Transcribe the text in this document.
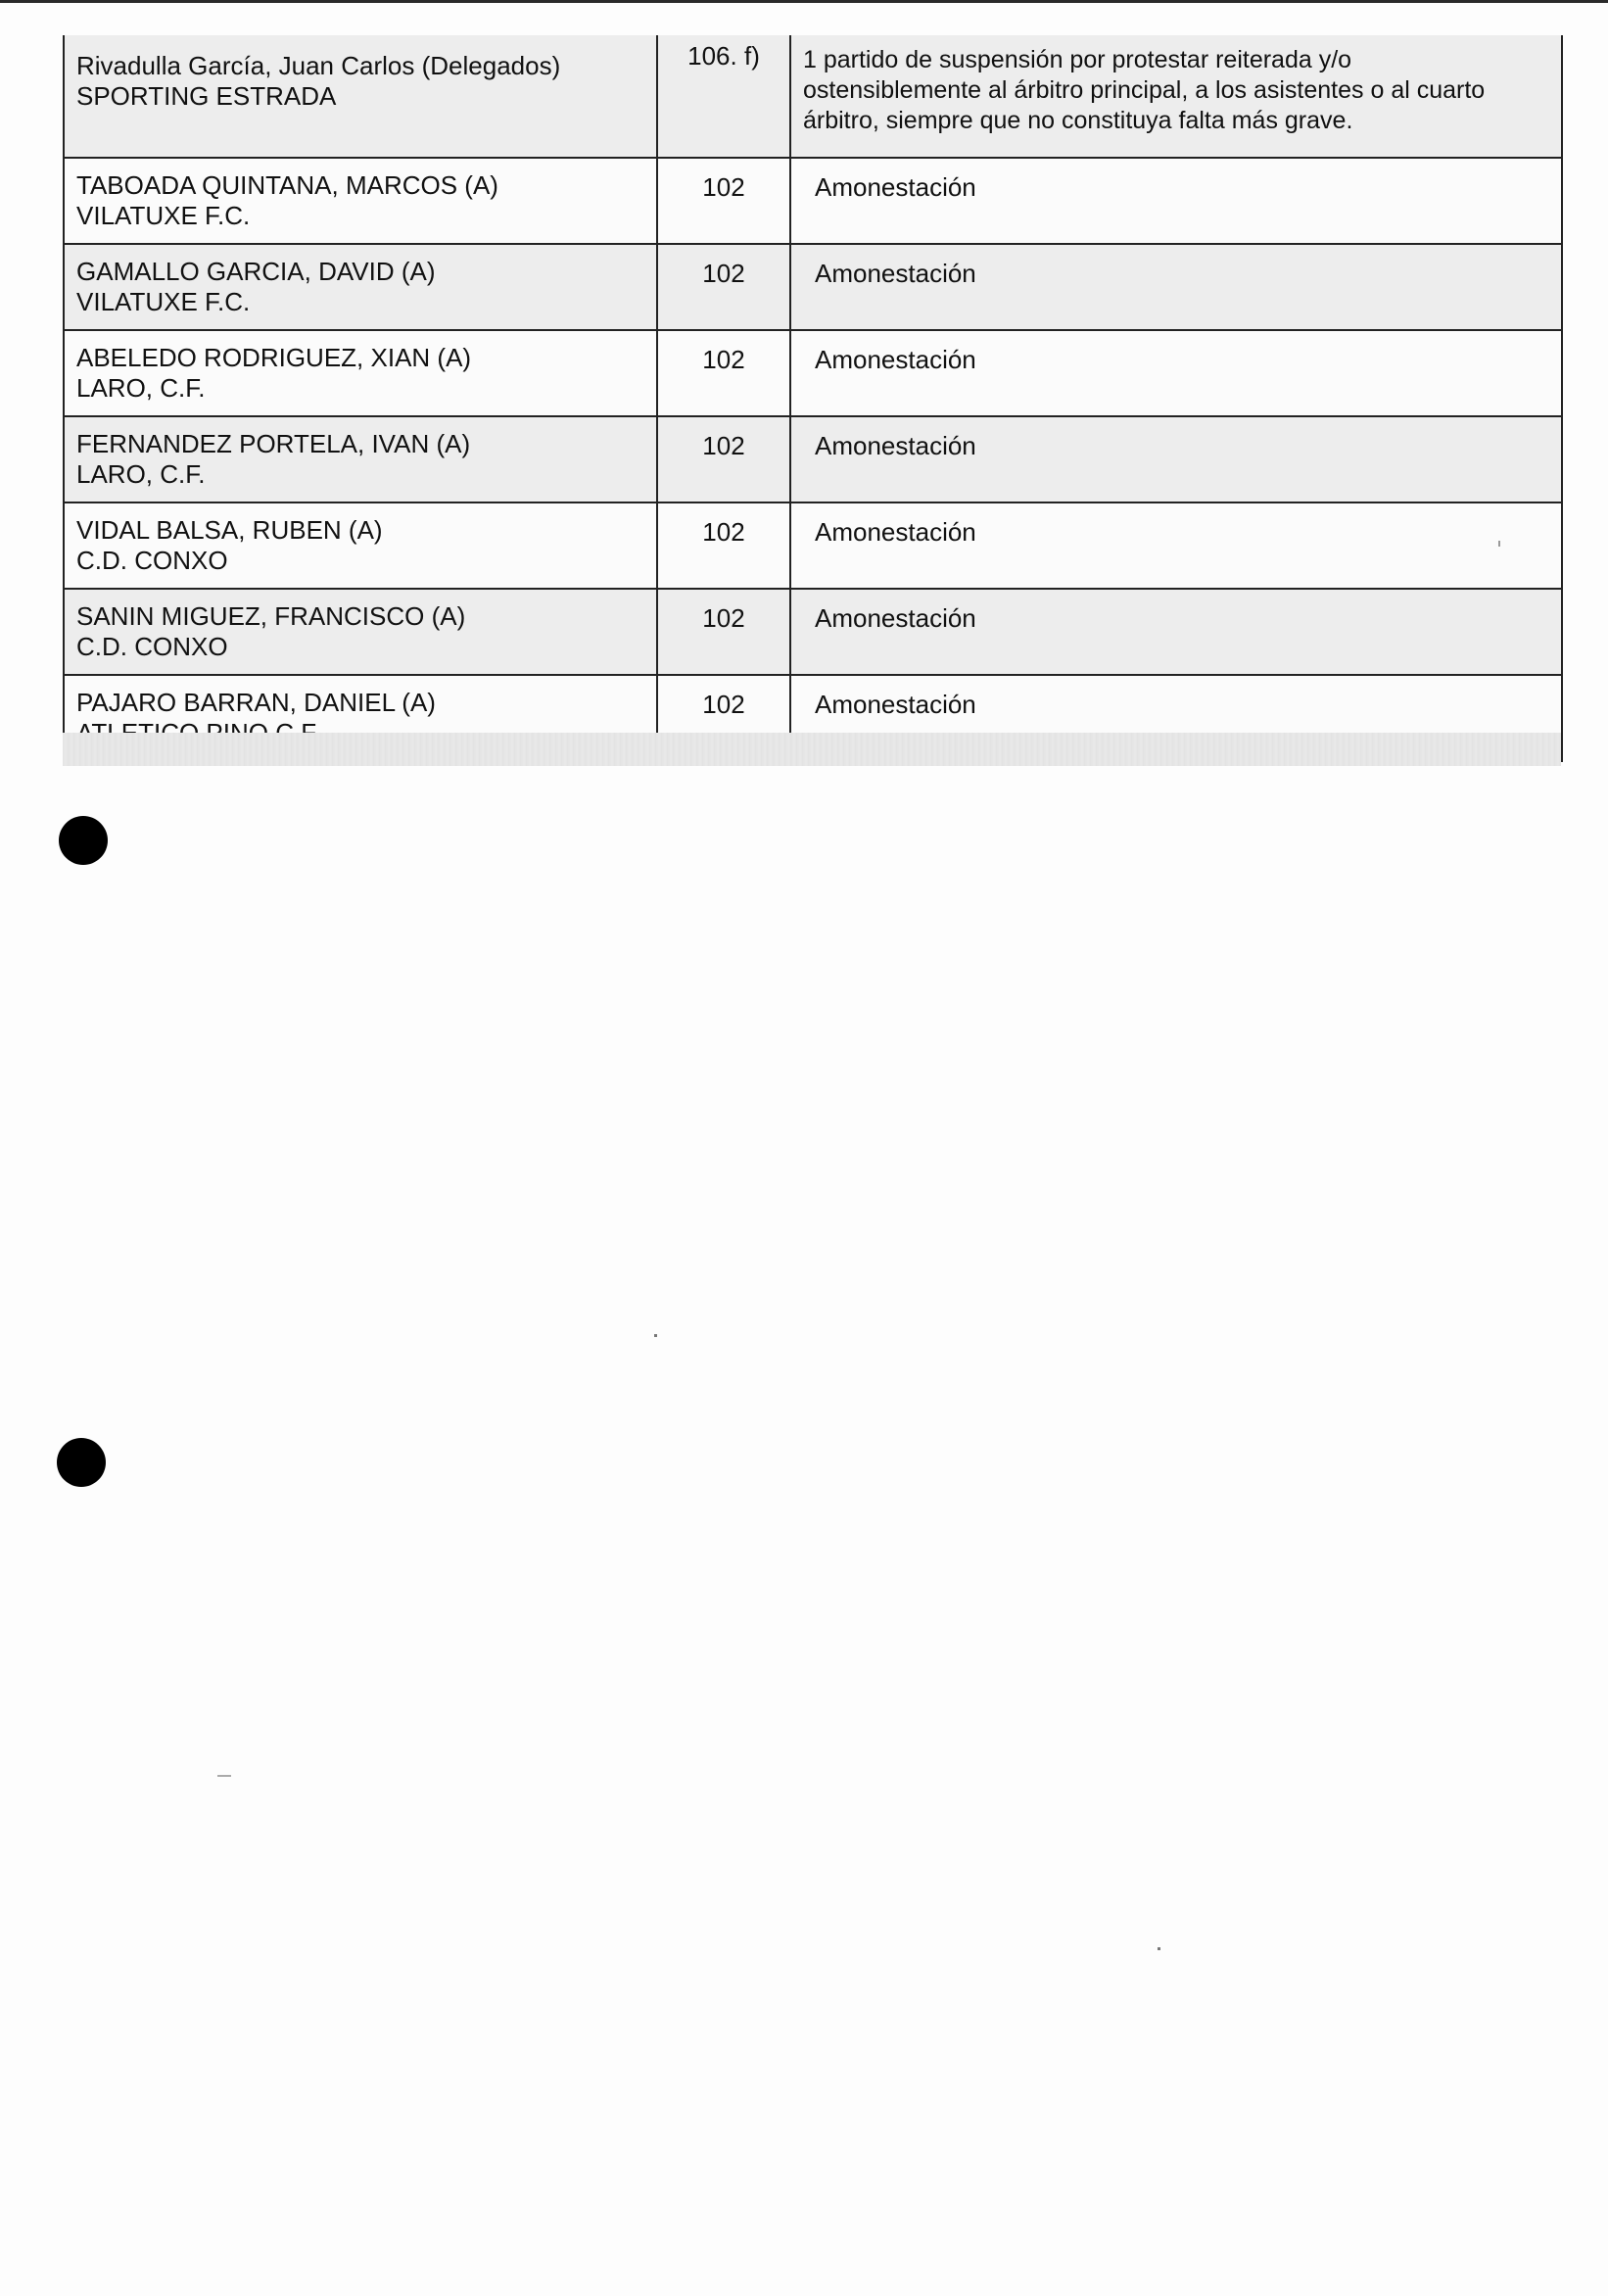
Rivadulla García, Juan Carlos (Delegados)
SPORTING ESTRADA	106. f)	1 partido de suspensión por protestar reiterada y/o
ostensiblemente al árbitro principal, a los asistentes o al cuarto
árbitro, siempre que no constituya falta más grave.

TABOADA QUINTANA, MARCOS (A)
VILATUXE F.C.	102	Amonestación

GAMALLO GARCIA, DAVID (A)
VILATUXE F.C.	102	Amonestación

ABELEDO RODRIGUEZ, XIAN (A)
LARO, C.F.	102	Amonestación

FERNANDEZ PORTELA, IVAN (A)
LARO, C.F.	102	Amonestación

VIDAL BALSA, RUBEN (A)
C.D. CONXO	102	Amonestación

SANIN MIGUEZ, FRANCISCO (A)
C.D. CONXO	102	Amonestación

PAJARO BARRAN, DANIEL (A)	102	Amonestación
